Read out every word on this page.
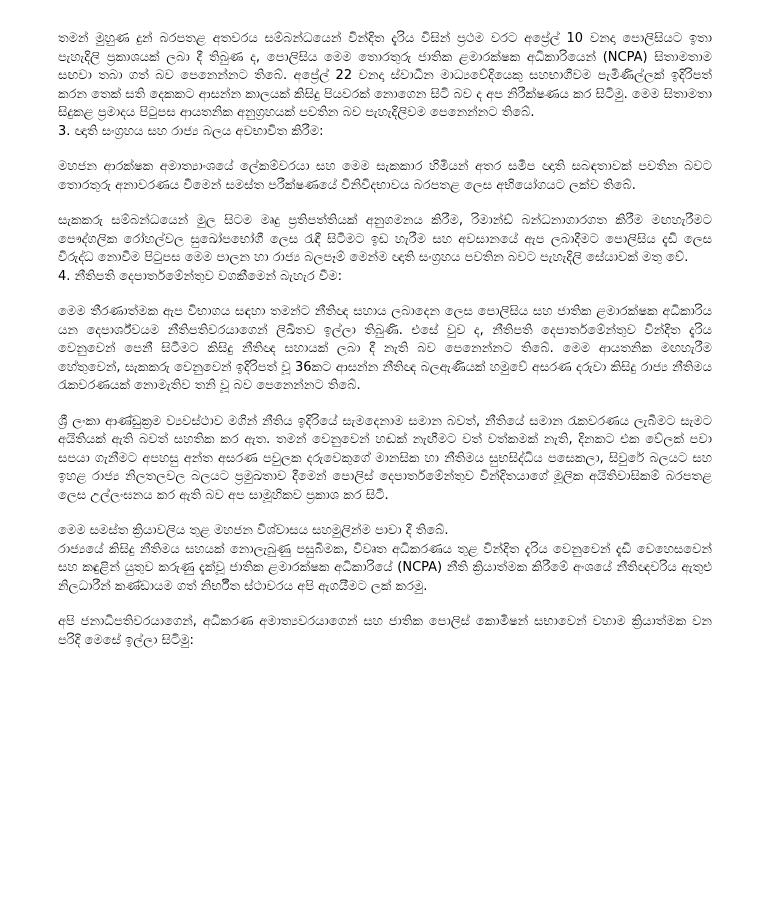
තමන් මුහුණ දුන් බරපතළ අතවරය සම්බන්ධයෙන් වින්දිත දැරිය විසින් ප්‍රථම වරට අප්‍රේල් 10 වනදා පොලිසියට ඉතා පැහැදිලි ප්‍රකාශයක් ලබා දී තිබුණ ද, පොලිසිය මෙම තොරතුරු ජාතික ළමාරක්ෂක අධිකාරියෙන් (NCPA) සිතාමතාම සඟවා තබා ගත් බව පෙනෙන්නට තිබේ. අප්‍රේල් 22 වනදා ස්වාධීන මාධ්‍යවේදියෙකු සහභාගීවම පැමිණිල්ලක් ඉදිරිපත් කරන තෙක් සති දෙකකට ආසන්න කාලයක් කිසිදු පියවරක් නොගෙන සිටි බව ද අප නිරීක්ෂණය කර සිටිමු. මෙම සිතාමතා සිදුකළ ප්‍රමාදය පිටුපස ආයතනික අනුග්‍රහයක් පවතින බව පැහැදිලිවම පෙනෙන්නට තිබේ.

3. ඥාති සංග්‍රහය සහ රාජ්‍ය බලය අවභාවිත කිරීම:

මහජන ආරක්ෂක අමාත්‍යාංශයේ ලේකම්වරයා සහ මෙම සැකකාර හිමියන් අතර සමීප ඥාති සබඳතාවක් පවතින බවට තොරතුරු අනාවරණය වීමෙන් සමස්ත පරීක්ෂණයේ විනිවිදභාවය බරපතළ ලෙස අභියෝගයට ලක්ව තිබේ.

සැකකරු සම්බන්ධයෙන් මුල සිටම මෘදු ප්‍රතිපත්තියක් අනුගමනය කිරීම, රිමාන්ඩ් බන්ධනාගාරගත කිරීම මඟහැරීමට පෞද්ගලික රෝහල්වල සුඛෝපභෝගී ලෙස රැඳී සිටීමට ඉඩ හැරීම සහ අවසානයේ ඇප ලබාදීමට පොලිසිය දැඩි ලෙස විරුද්ධ නොවීම පිටුපස මෙම පාලන හා රාජ්‍ය බලපෑම් මෙන්ම ඥාති සංග්‍රහය පවතින බවට පැහැදිලි සේයාවක් මතු වේ.

4. නීතිපති දෙපාර්තමේන්තුව වගකීමෙන් බැහැර වීම:

මෙම තීරණාත්මක ඇප විභාගය සඳහා තමන්ට නීතිඥ සහාය ලබාදෙන ලෙස පොලිසිය සහ ජාතික ළමාරක්ෂක අධිකාරිය යන දෙපාර්ශ්වයම නීතිපතිවරයාගෙන් ලිඛිතව ඉල්ලා තිබුණි. එසේ වුව ද, නීතිපති දෙපාර්තමේන්තුව වින්දිත දැරිය වෙනුවෙන් පෙනී සිටීමට කිසිදු නීතිඥ සහායක් ලබා දී නැති බව පෙනෙන්නට තිබේ. මෙම ආයතනික මඟහැරීම හේතුවෙන්, සැකකරු වෙනුවෙන් ඉදිරිපත් වූ 36කට ආසන්න නීතිඥ බලඇණියක් හමුවේ අසරණ දරුවා කිසිදු රාජ්‍ය නීතිමය රැකවරණයක් නොමැතිව තනි වූ බව පෙනෙන්නට තිබේ.

ශ්‍රී ලංකා ආණ්ඩුක්‍රම ව්‍යවස්ථාව මගින් නීතිය ඉදිරියේ සැමදෙනාම සමාන බවත්, නීතියේ සමාන රැකවරණය ලැබීමට සැමට අයිතියක් ඇති බවත් සහතික කර ඇත. තමන් වෙනුවෙන් හඬක් නැඟීමට වත් වත්කමක් නැති, දිනකට එක වේලක් පවා සපයා ගැනීමට අපහසු අන්ත අසරණ පවුලක දරුවෙකුගේ මානසික හා නීතිමය සුභසිද්ධිය පසෙකලා, සිවුරේ බලයට සහ ඉහළ රාජ්‍ය නිලතලවල බලයට ප්‍රමුඛතාව දීමෙන් පොලිස් දෙපාර්තමේන්තුව වින්දිතයාගේ මූලික අයිතිවාසිකම් බරපතළ ලෙස උල්ලංඝනය කර ඇති බව අප සාමූහිකව ප්‍රකාශ කර සිටී.

මෙම සමස්ත ක්‍රියාවලිය තුළ මහජන විශ්වාසය සහමුලින්ම පාවා දී තිබේ.

රාජ්‍යයේ කිසිදු නීතිමය සහයක් නොලැබුණු පසුබිමක, විවෘත අධිකරණය තුළ වින්දිත දැරිය වෙනුවෙන් දැඩි වෙහෙසවෙන් සහ කඳුළින් යුතුව කරුණු දැක්වූ ජාතික ළමාරක්ෂක අධිකාරියේ (NCPA) නීති ක්‍රියාත්මක කිරීමේ අංශයේ නීතිඥවරිය ඇතුළු නිලධාරීන් කණ්ඩායම ගත් නිර්භීත ස්ථාවරය අපි ඇගයීමට ලක් කරමු.

අපි ජනාධිපතිවරයාගෙන්, අධිකරණ අමාත්‍යවරයාගෙන් සහ ජාතික පොලිස් කොමිෂන් සභාවෙන් වහාම ක්‍රියාත්මක වන පරිදි මෙසේ ඉල්ලා සිටිමු:
